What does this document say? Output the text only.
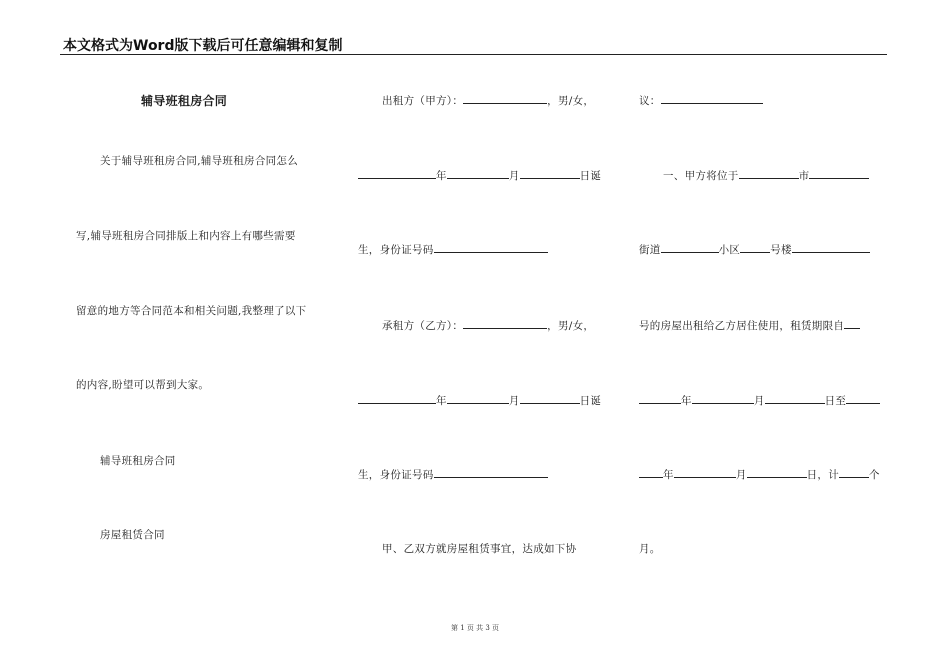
本文格式为Word版下载后可任意编辑和复制
辅导班租房合同
关于辅导班租房合同,辅导班租房合同怎么
写,辅导班租房合同排版上和内容上有哪些需要
留意的地方等合同范本和相关问题,我整理了以下
的内容,盼望可以帮到大家。
辅导班租房合同
房屋租赁合同
出租方（甲方）：	，男/女，
年	月	日诞
生，身份证号码
承租方（乙方）：	，男/女，
年	月	日诞
生，身份证号码
甲、乙双方就房屋租赁事宜，达成如下协
议：
一、甲方将位于	市
街道	小区	号楼
号的房屋出租给乙方居住使用，租赁期限自
年	月	日至
年	月	日，计	个
月。
第 1 页 共 3 页
